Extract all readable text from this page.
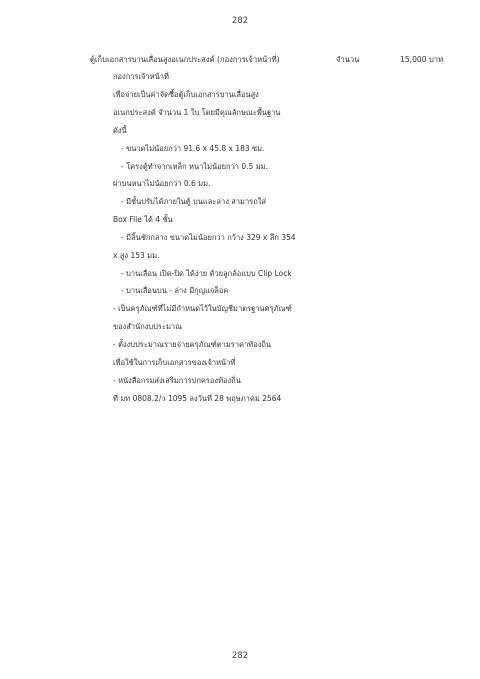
282
ตู้เก็บเอกสารบานเลื่อนสูงอเนกประสงค์ (กองการเจ้าหน้าที่)	จำนวน	15,000 บาท
กองการเจ้าหน้าที่
เพื่อจ่ายเป็นค่าจัดซื้อตู้เก็บเอกสารบานเลื่อนสูง
อเนกประสงค์ จำนวน 1 ใบ โดยมีคุณลักษณะพื้นฐาน
ดังนี้
- ขนาดไม่น้อยกว่า 91.6 x 45.8 x 183 ซม.
- โครงตู้ทำจากเหล็ก หนาไม่น้อยกว่า 0.5 มม.
ฝาบนหนาไม่น้อยกว่า 0.6 มม.
- มีชั้นปรับได้ภายในตู้ บนและล่าง สามารถใส่
Box File ได้ 4 ชั้น
- มีลิ้นชักกลาง ขนาดไม่น้อยกว่า กว้าง 329 x ลึก 354
x สูง 153 มม.
- บานเลื่อน เปิด-ปิด ได้ง่าย ด้วยลูกล้อแบบ Clip Lock
- บานเลื่อนบน - ล่าง มีกุญแจล็อค
- เป็นครุภัณฑ์ที่ไม่มีกำหนดไว้ในบัญชีมาตรฐานครุภัณฑ์
ของสำนักงบประมาณ
- ตั้งงบประมาณรายจ่ายครุภัณฑ์ตามราคาท้องถิ่น
เพื่อใช้ในการเก็บเอกสารของเจ้าหน้าที่
- หนังสือกรมส่งเสริมการปกครองท้องถิ่น
ที่ มท 0808.2/ว 1095 ลงวันที่ 28 พฤษภาคม 2564
282
